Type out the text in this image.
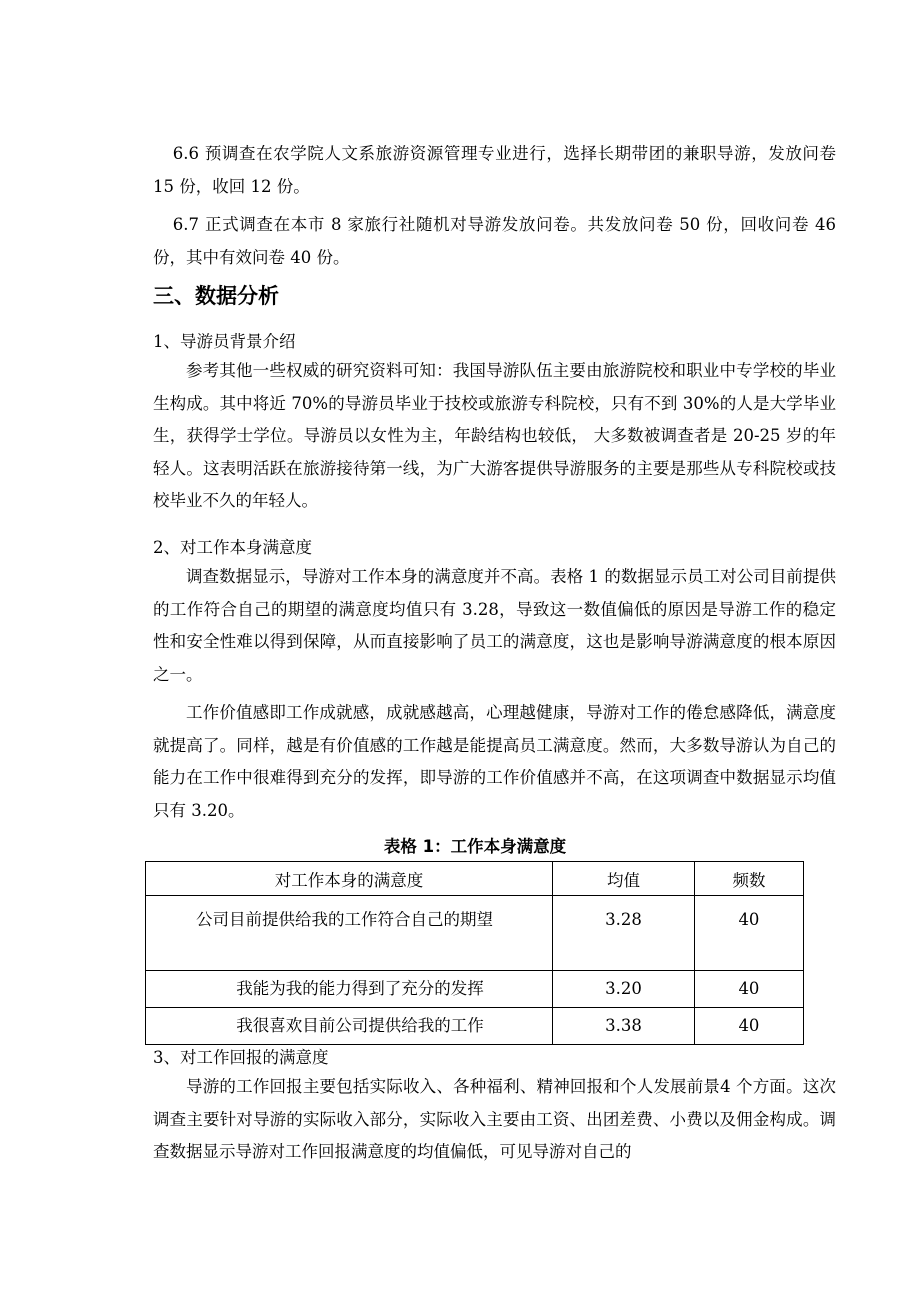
6.6 预调查在农学院人文系旅游资源管理专业进行，选择长期带团的兼职导游，发放问卷 15 份，收回 12 份。

6.7 正式调查在本市 8 家旅行社随机对导游发放问卷。共发放问卷 50 份，回收问卷 46 份，其中有效问卷 40 份。

三、数据分析

1、导游员背景介绍

参考其他一些权威的研究资料可知：我国导游队伍主要由旅游院校和职业中专学校的毕业生构成。其中将近 70%的导游员毕业于技校或旅游专科院校，只有不到 30%的人是大学毕业生，获得学士学位。导游员以女性为主，年龄结构也较低， 大多数被调查者是 20-25 岁的年轻人。这表明活跃在旅游接待第一线，为广大游客提供导游服务的主要是那些从专科院校或技校毕业不久的年轻人。

2、对工作本身满意度

调查数据显示，导游对工作本身的满意度并不高。表格 1 的数据显示员工对公司目前提供的工作符合自己的期望的满意度均值只有 3.28，导致这一数值偏低的原因是导游工作的稳定性和安全性难以得到保障，从而直接影响了员工的满意度，这也是影响导游满意度的根本原因之一。

工作价值感即工作成就感，成就感越高，心理越健康，导游对工作的倦怠感降低，满意度就提高了。同样，越是有价值感的工作越是能提高员工满意度。然而，大多数导游认为自己的能力在工作中很难得到充分的发挥，即导游的工作价值感并不高，在这项调查中数据显示均值只有 3.20。

表格 1：工作本身满意度

对工作本身的满意度	均值	频数
公司目前提供给我的工作符合自己的期望	3.28	40
我能为我的能力得到了充分的发挥	3.20	40
我很喜欢目前公司提供给我的工作	3.38	40

3、对工作回报的满意度

导游的工作回报主要包括实际收入、各种福利、精神回报和个人发展前景4 个方面。这次调查主要针对导游的实际收入部分，实际收入主要由工资、出团差费、小费以及佣金构成。调查数据显示导游对工作回报满意度的均值偏低，可见导游对自己的
